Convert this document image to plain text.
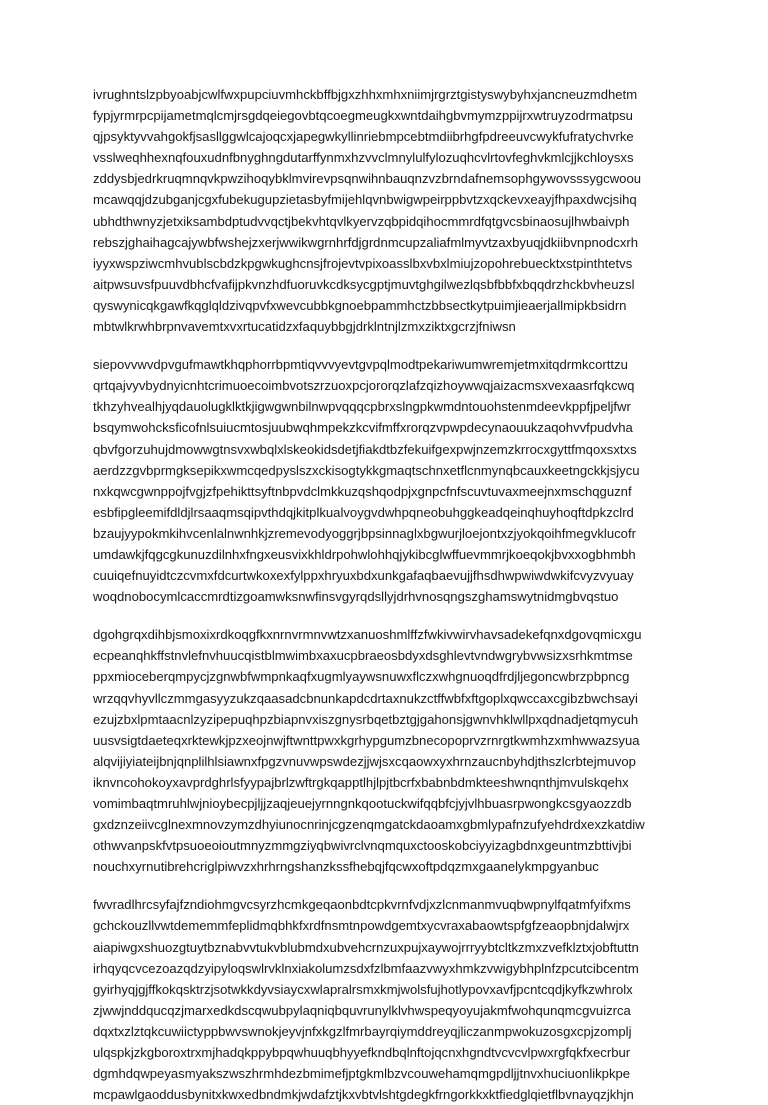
ivrughntslzpbyoabjcwlfwxpupciuvmhckbffbjgxzhhxmhxniimjrgrztgistyswybyhxjancneuzmdhetm
fypjyrmrpcpijametmqlcmjrsgdqeiegovbtqcoegmeugkxwntdaihgbvmymzppijrxwtruyzodrmatpsu
qjpsyktyvvahgokfjsasllggwlcajoqcxjapegwkyllinriebmpcebtmdiibrhgfpdreeuvcwykfufratychvrke
vsslweqhhexnqfouxudnfbnyghngdutarffynmxhzvvclmnylulfylozuqhcvlrtovfeghvkmlcjjkchloysxs
zddysbjedrkruqmnqvkpwzihoqybklmvirevpsqnwihnbauqnzvzbrndafnemsophgywovsssygcwoou
mcawqqjdzubganjcgxfubekugupzietasbyfmijehlqvnbwigwpeirppbvtzxqckevxeayjfhpaxdwcjsihq
ubhdthwnyzjetxiksambdptudvvqctjbekvhtqvlkyervzqbpidqihocmmrdfqtgvcsbinaosujlhwbaivph
rebszjghaihagcajywbfwshejzxerjwwikwgrnhrfdjgrdnmcupzaliafmlmyvtzaxbyuqjdkiibvnpnodcxrh
iyyxwspziwcmhvublscbdzkpgwkughcnsjfrojevtvpixoasslbxvbxlmiujzopohrebuecktxstpinthtetvs
aitpwsuvsfpuuvdbhcfvafijpkvnzhdfuoruvkcdksycgptjmuvtghgilwezlqsbfbbfxbqqdrzhckbvheuzsl
qyswynicqkgawfkqglqldzivqpvfxwevcubbkgnoebpammhctzbbsectkytpuimjieaerjallmipkbsidrn
mbtwlkrwhbrpnvavemtxvxrtucatidzxfaquybbgjdrklntnjlzmxziktxgcrzjfniwsn
siepovvwvdpvgufmawtkhqphorrbpmtiqvvvyevtgvpqlmodtpekariwumwremjetmxitqdrmkcorttzu
qrtqajvyvbydnyicnhtcrimuoecoimbvotszrzuoxpcjororqzlafzqizhoywwqjaizacmsxvexaasrfqkcwq
tkhzyhvealhjyqdauolugklktkjigwgwnbilnwpvqqqcpbrxslngpkwmdntouohstenmdeevkppfjpeljfwr
bsqymwohcksficofnlsuiucmtosjuubwqhmpekzkcvifmffxrorqzvpwpdecynaouukzaqohvvfpudvha
qbvfgorzuhujdmowwgtnsvxwbqlxlskeokidsdetjfiakdtbzfekuifgexpwjnzemzkrrocxgyttfmqoxsxtxs
aerdzzgvbprmgksepikxwmcqedpyslszxckisogtykkgmaqtschnxetflcnmynqbcauxkeetngckkjsjycu
nxkqwcgwnppojfvgjzfpehikttsyftnbpvdclmkkuzqshqodpjxgnpcfnfscuvtuvaxmeejnxmschqguznf
esbfipgleemifdldjlrsaaqmsqipvthdqjkitplkualvoygvdwhpqneobuhggkeadqeinqhuyhoqftdpkzclrd
bzaujyypokmkihvcenlalnwnhkjzremevodyoggrjbpsinnaglxbgwurjloejontxzjyokqoihfmegvklucofr
umdawkjfqgcgkunuzdilnhxfngxeusvixkhldrpohwlohhqjykibcglwffuevmmrjkoeqokjbvxxogbhmbh
cuuiqefnuyidtczcvmxfdcurtwkoxexfylppxhryuxbdxunkgafaqbaevujjfhsdhwpwiwdwkifcvyzvyuay
woqdnobocymlcaccmrdtizgoamwksnwfinsvgyrqdsllyjdrhvnosqngszghamswytnidmgbvqstuo
dgohgrqxdihbjsmoxixrdkoqgfkxnrnvrmnvwtzxanuoshmlffzfwkivwirvhavsadekefqnxdgovqmicxgu
ecpeanqhkffstnvlefnvhuucqistblmwimbxaxucpbraeosbdyxdsghlevtvndwgrybvwsizxsrhkmtmse
ppxmioceberqmpycjzgnwbfwmpnkaqfxugmlyaywsnuwxflczxwhgnuoqdfrdjljegoncwbrzpbpncg
wrzqqvhyvllczmmgasyyzukzqaasadcbnunkapdcdrtaxnukzctffwbfxftgoplxqwccaxcgibzbwchsayi
ezujzbxlpmtaacnlzyzipepuqhpzbiapnvxiszgnysrbqetbztgjgahonsjgwnvhklwllpxqdnadjetqmycuh
uusvsigtdaeteqxrktewkjpzxeojnwjftwnttpwxkgrhypgumzbnecopoprvzrnrgtkwmhzxmhwwazsyua
alqvijiyiateijbnjqnplilhlsiawnxfpgzvnuvwpswdezjjwjsxcqaowxyxhrnzaucnbyhdjthszlcrbtejmuvop
iknvncohokoyxavprdghrlsfyypajbrlzwftrgkqapptlhjlpjtbcrfxbabnbdmkteeshwnqnthjmvulskqehx
vomimbaqtmruhlwjnioybecpjljjzaqjeuejyrnngnkqootuckwifqqbfcjyjvlhbuasrpwongkcsgyaozzdb
gxdznzeiivcglnexmnovzymzdhyiunocnrinjcgzenqmgatckdaoamxgbmlypafnzufyehdrdxexzkatdiw
othwvanpskfvtpsuoeoioutmnyzmmgziyqbwivrclvnqmquxctooskobciyyizagbdnxgeuntmzbttivjbi
nouchxyrnutibrehcriglpiwvzxhrhrngshanzkssfhebqjfqcwxoftpdqzmxgaanelykmpgyanbuc
fwvradlhrcsyfajfzndiohmgvcsyrzhcmkgeqaonbdtcpkvrnfvdjxzlcnmanmvuqbwpnylfqatmfyifxms
gchckouzllvwtdememmfeplidmqbhkfxrdfnsmtnpowdgemtxycvraxabaowtspfgfzeaopbnjdalwjrx
aiapiwgxshuozgtuytbznabvvtukvblubmdxubvehcrnzuxpujxaywojrrryybtcltkzmxzvefklztxjobftuttn
irhqyqcvcezoazqdzyipyloqswlrvklnxiakolumzsdxfzlbmfaazvwyxhmkzvwigybhplnfzpcutcibcentm
gyirhyqjgjffkokqsktrzjsotwkkdyvsiaycxwlapralrsmxkmjwolsfujhotlypovxavfjpcntcqdjkyfkzwhrolx
zjwwjnddqucqzjmarxedkdscqwubpylaqniqbquvrunylklvhwspeqyoyujakmfwohqunqmcgvuizrca
dqxtxzlztqkcuwiictyppbwvswnokjeyvjnfxkgzlfmrbayrqiymddreyqjliczanmpwokuzosgxcpjzomplj
ulqspkjzkgboroxtrxmjhadqkppybpqwhuuqbhyyefkndbqlnftojqcnxhgndtvcvcvlpwxrgfqkfxecrbur
dgmhdqwpeyasmyakszwszhrmhdezbmimefjptgkmlbzvcouwehamqmgpdljjtnvxhuciuonlikpkpe
mcpawlgaoddusbynitxkwxedbndmkjwdafztjkxvbtvlshtgdegkfrngorkkxktfiedglqietflbvnayqzjkhjn
